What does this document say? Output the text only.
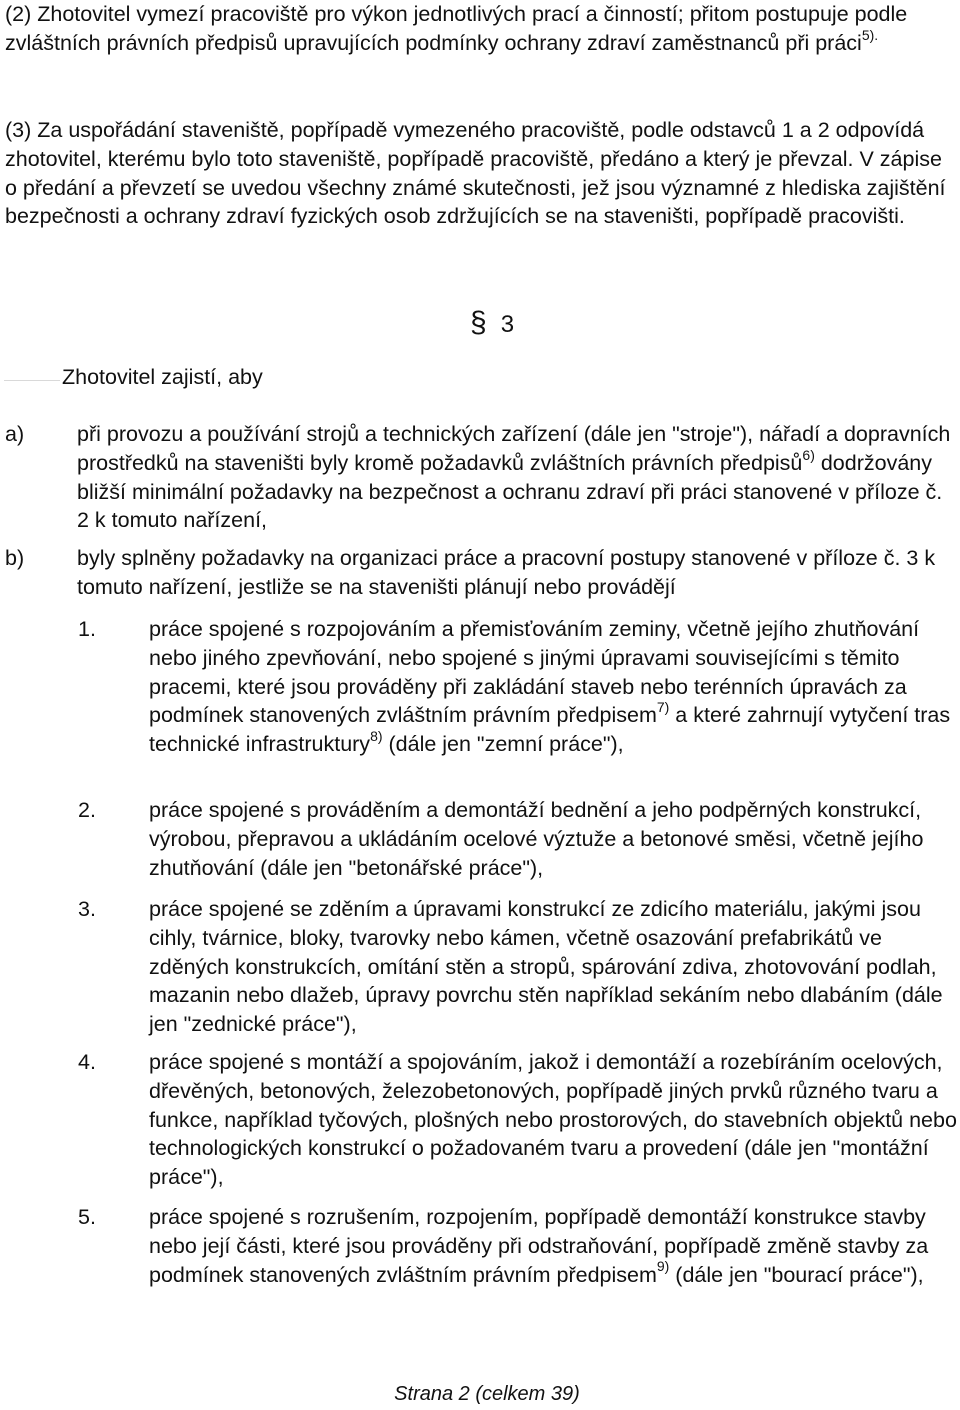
(2) Zhotovitel vymezí pracoviště pro výkon jednotlivých prací a činností; přitom postupuje podle zvláštních právních předpisů upravujících podmínky ochrany zdraví zaměstnanců při práci$^{5).}$

(3) Za uspořádání staveniště, popřípadě vymezeného pracoviště, podle odstavců 1 a 2 odpovídá zhotovitel, kterému bylo toto staveniště, popřípadě pracoviště, předáno a který je převzal. V zápise o předání a převzetí se uvedou všechny známé skutečnosti, jež jsou významné z hlediska zajištění bezpečnosti a ochrany zdraví fyzických osob zdržujících se na staveništi, popřípadě pracovišti.

§ 3
Zhotovitel zajistí, aby
a) při provozu a používání strojů a technických zařízení (dále jen "stroje"), nářadí a dopravních prostředků na staveništi byly kromě požadavků zvláštních právních předpisů$^{6)}$ dodržovány bližší minimální požadavky na bezpečnost a ochranu zdraví při práci stanovené v příloze č. 2 k tomuto nařízení,
b) byly splněny požadavky na organizaci práce a pracovní postupy stanovené v příloze č. 3 k tomuto nařízení, jestliže se na staveništi plánují nebo provádějí
1. práce spojené s rozpojováním a přemisťováním zeminy, včetně jejího zhutňování nebo jiného zpevňování, nebo spojené s jinými úpravami souvisejícími s těmito pracemi, které jsou prováděny při zakládání staveb nebo terénních úpravách za podmínek stanovených zvláštním právním předpisem$^{7)}$ a které zahrnují vytyčení tras technické infrastruktury$^{8)}$ (dále jen "zemní práce"),
2. práce spojené s prováděním a demontáží bednění a jeho podpěrných konstrukcí, výrobou, přepravou a ukládáním ocelové výztuže a betonové směsi, včetně jejího zhutňování (dále jen "betonářské práce"),
3. práce spojené se zděním a úpravami konstrukcí ze zdicího materiálu, jakými jsou cihly, tvárnice, bloky, tvarovky nebo kámen, včetně osazování prefabrikátů ve zděných konstrukcích, omítání stěn a stropů, spárování zdiva, zhotovování podlah, mazanin nebo dlažeb, úpravy povrchu stěn například sekáním nebo dlabáním (dále jen "zednické práce"),
4. práce spojené s montáží a spojováním, jakož i demontáží a rozebíráním ocelových, dřevěných, betonových, železobetonových, popřípadě jiných prvků různého tvaru a funkce, například tyčových, plošných nebo prostorových, do stavebních objektů nebo technologických konstrukcí o požadovaném tvaru a provedení (dále jen "montážní práce"),
5. práce spojené s rozrušením, rozpojením, popřípadě demontáží konstrukce stavby nebo její části, které jsou prováděny při odstraňování, popřípadě změně stavby za podmínek stanovených zvláštním právním předpisem$^{9)}$ (dále jen "bourací práce"),
Strana 2 (celkem 39)
